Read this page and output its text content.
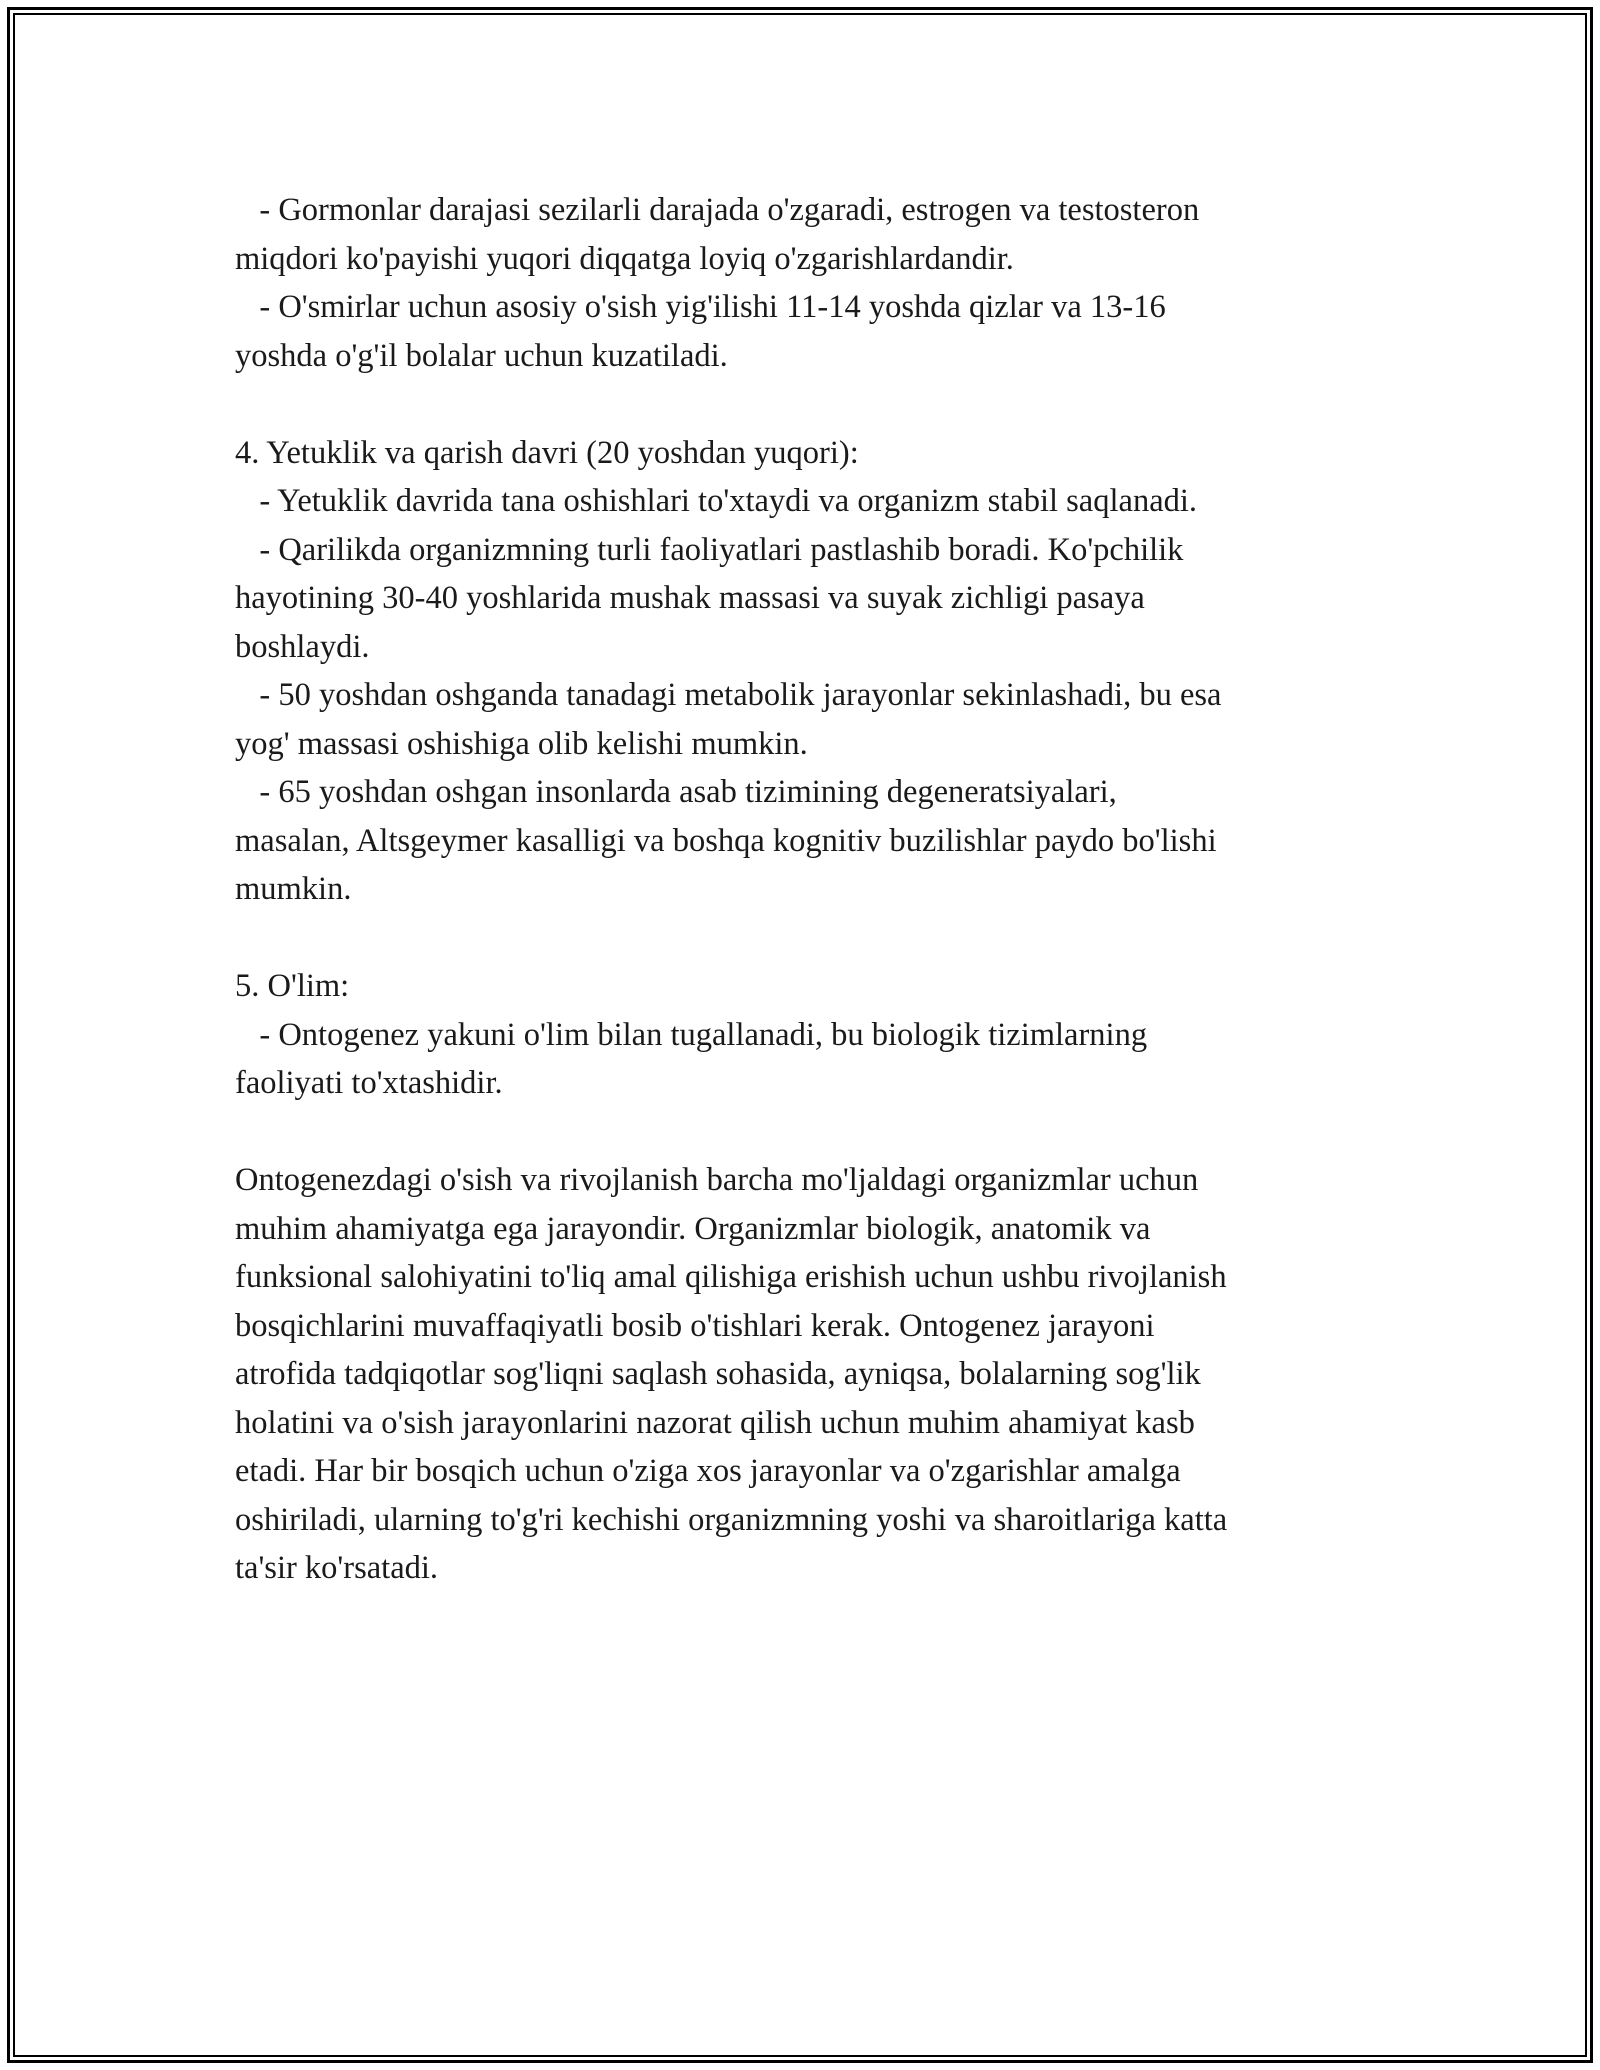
- Gormonlar darajasi sezilarli darajada o'zgaradi, estrogen va testosteron
miqdori ko'payishi yuqori diqqatga loyiq o'zgarishlardandir.
- O'smirlar uchun asosiy o'sish yig'ilishi 11-14 yoshda qizlar va 13-16
yoshda o'g'il bolalar uchun kuzatiladi.
4. Yetuklik va qarish davri (20 yoshdan yuqori):
- Yetuklik davrida tana oshishlari to'xtaydi va organizm stabil saqlanadi.
- Qarilikda organizmning turli faoliyatlari pastlashib boradi. Ko'pchilik
hayotining 30-40 yoshlarida mushak massasi va suyak zichligi pasaya
boshlaydi.
- 50 yoshdan oshganda tanadagi metabolik jarayonlar sekinlashadi, bu esa
yog' massasi oshishiga olib kelishi mumkin.
- 65 yoshdan oshgan insonlarda asab tizimining degeneratsiyalari,
masalan, Altsgeymer kasalligi va boshqa kognitiv buzilishlar paydo bo'lishi
mumkin.
5. O'lim:
- Ontogenez yakuni o'lim bilan tugallanadi, bu biologik tizimlarning
faoliyati to'xtashidir.
Ontogenezdagi o'sish va rivojlanish barcha mo'ljaldagi organizmlar uchun
muhim ahamiyatga ega jarayondir. Organizmlar biologik, anatomik va
funksional salohiyatini to'liq amal qilishiga erishish uchun ushbu rivojlanish
bosqichlarini muvaffaqiyatli bosib o'tishlari kerak. Ontogenez jarayoni
atrofida tadqiqotlar sog'liqni saqlash sohasida, ayniqsa, bolalarning sog'lik
holatini va o'sish jarayonlarini nazorat qilish uchun muhim ahamiyat kasb
etadi. Har bir bosqich uchun o'ziga xos jarayonlar va o'zgarishlar amalga
oshiriladi, ularning to'g'ri kechishi organizmning yoshi va sharoitlariga katta
ta'sir ko'rsatadi.
